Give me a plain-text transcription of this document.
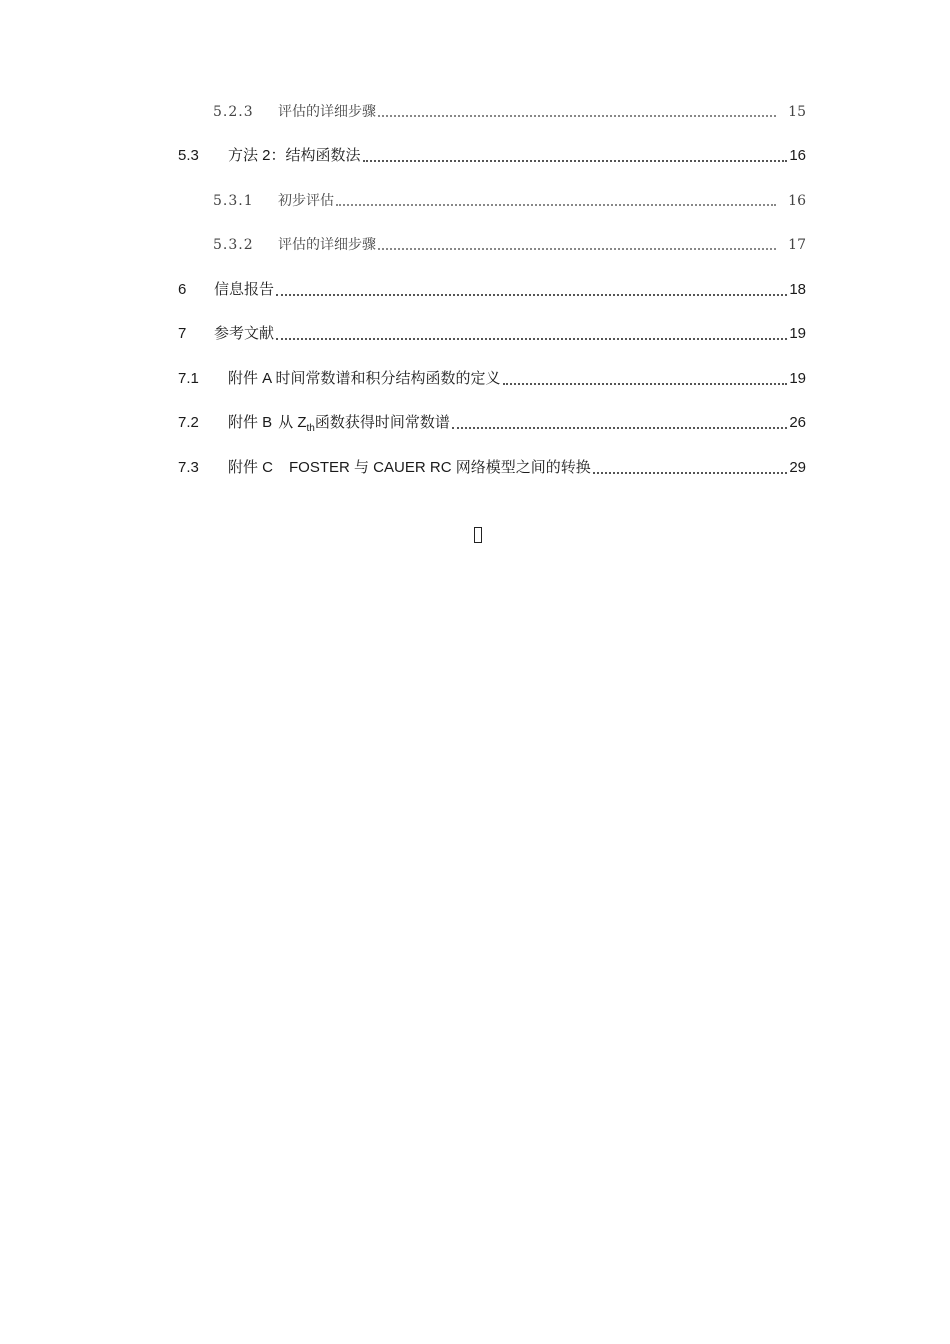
5.2.3	评估的详细步骤	15
5.3	方法 2：结构函数法	16
5.3.1	初步评估	16
5.3.2	评估的详细步骤	17
6	信息报告	18
7	参考文献	19
7.1	附件 A 时间常数谱和积分结构函数的定义	19
7.2	附件 B 从 $Z_{th}$函数获得时间常数谱	26
7.3	附件 C FOSTER 与 CAUER RC 网络模型之间的转换	29
